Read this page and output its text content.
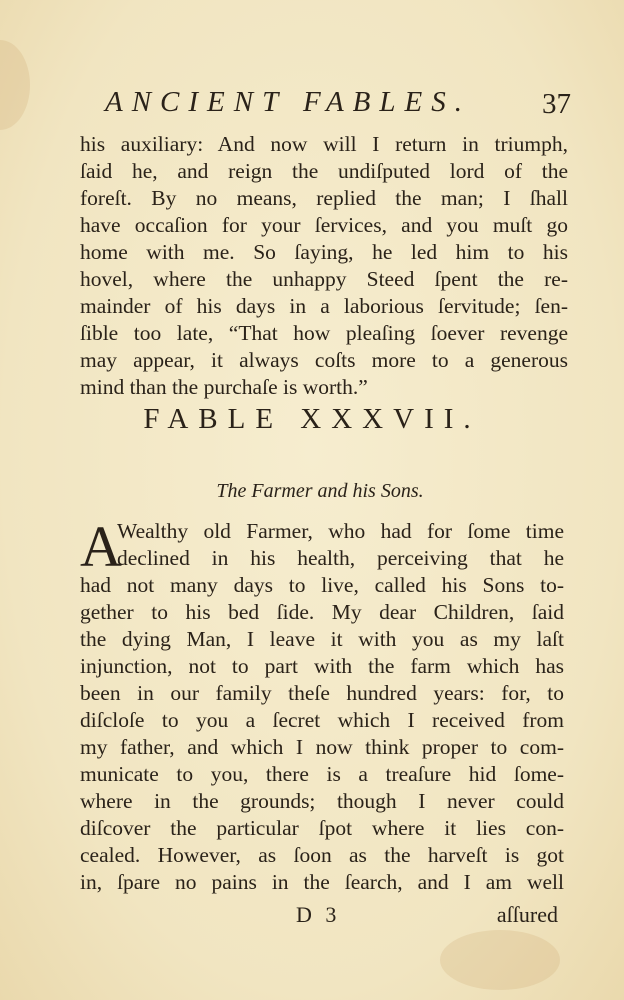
ANCIENT FABLES. 37
his auxiliary: And now will I return in triumph,
ſaid he, and reign the undiſputed lord of the
foreſt. By no means, replied the man; I ſhall
have occaſion for your ſervices, and you muſt go
home with me. So ſaying, he led him to his
hovel, where the unhappy Steed ſpent the re-
mainder of his days in a laborious ſervitude; ſen-
ſible too late, “That how pleaſing ſoever revenge
may appear, it always coſts more to a generous
mind than the purchaſe is worth.”
FABLE XXXVII.
The Farmer and his Sons.
A
Wealthy old Farmer, who had for ſome time
declined in his health, perceiving that he
had not many days to live, called his Sons to-
gether to his bed ſide. My dear Children, ſaid
the dying Man, I leave it with you as my laſt
injunction, not to part with the farm which has
been in our family theſe hundred years: for, to
diſcloſe to you a ſecret which I received from
my father, and which I now think proper to com-
municate to you, there is a treaſure hid ſome-
where in the grounds; though I never could
diſcover the particular ſpot where it lies con-
cealed. However, as ſoon as the harveſt is got
in, ſpare no pains in the ſearch, and I am well
D 3	aſſured
